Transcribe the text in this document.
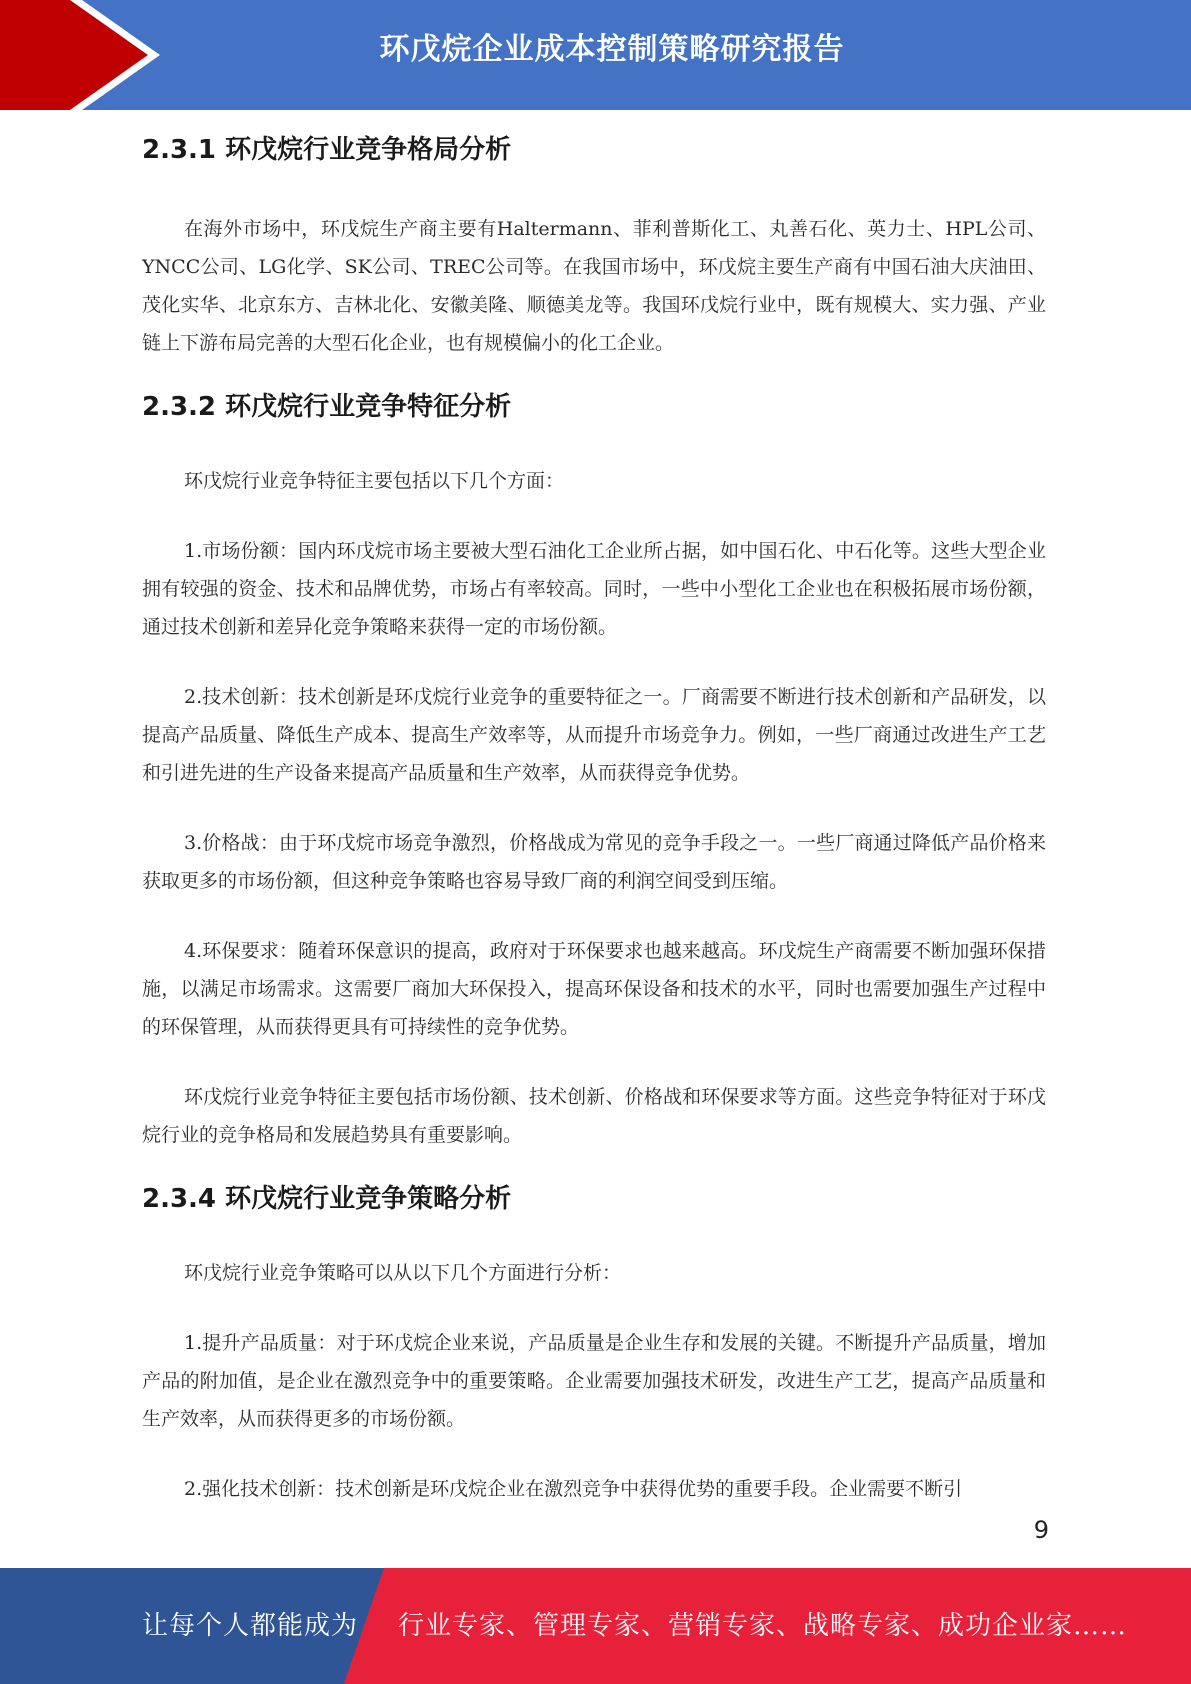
环戊烷企业成本控制策略研究报告
2.3.1 环戊烷行业竞争格局分析

在海外市场中，环戊烷生产商主要有Haltermann、菲利普斯化工、丸善石化、英力士、HPL公司、YNCC公司、LG化学、SK公司、TREC公司等。在我国市场中，环戊烷主要生产商有中国石油大庆油田、茂化实华、北京东方、吉林北化、安徽美隆、顺德美龙等。我国环戊烷行业中，既有规模大、实力强、产业链上下游布局完善的大型石化企业，也有规模偏小的化工企业。

2.3.2 环戊烷行业竞争特征分析

环戊烷行业竞争特征主要包括以下几个方面：

1.市场份额：国内环戊烷市场主要被大型石油化工企业所占据，如中国石化、中石化等。这些大型企业拥有较强的资金、技术和品牌优势，市场占有率较高。同时，一些中小型化工企业也在积极拓展市场份额，通过技术创新和差异化竞争策略来获得一定的市场份额。

2.技术创新：技术创新是环戊烷行业竞争的重要特征之一。厂商需要不断进行技术创新和产品研发，以提高产品质量、降低生产成本、提高生产效率等，从而提升市场竞争力。例如，一些厂商通过改进生产工艺和引进先进的生产设备来提高产品质量和生产效率，从而获得竞争优势。

3.价格战：由于环戊烷市场竞争激烈，价格战成为常见的竞争手段之一。一些厂商通过降低产品价格来获取更多的市场份额，但这种竞争策略也容易导致厂商的利润空间受到压缩。

4.环保要求：随着环保意识的提高，政府对于环保要求也越来越高。环戊烷生产商需要不断加强环保措施，以满足市场需求。这需要厂商加大环保投入，提高环保设备和技术的水平，同时也需要加强生产过程中的环保管理，从而获得更具有可持续性的竞争优势。

环戊烷行业竞争特征主要包括市场份额、技术创新、价格战和环保要求等方面。这些竞争特征对于环戊烷行业的竞争格局和发展趋势具有重要影响。

2.3.4 环戊烷行业竞争策略分析

环戊烷行业竞争策略可以从以下几个方面进行分析：

1.提升产品质量：对于环戊烷企业来说，产品质量是企业生存和发展的关键。不断提升产品质量，增加产品的附加值，是企业在激烈竞争中的重要策略。企业需要加强技术研发，改进生产工艺，提高产品质量和生产效率，从而获得更多的市场份额。

2.强化技术创新：技术创新是环戊烷企业在激烈竞争中获得优势的重要手段。企业需要不断引

9
让每个人都能成为 行业专家、管理专家、营销专家、战略专家、成功企业家……
